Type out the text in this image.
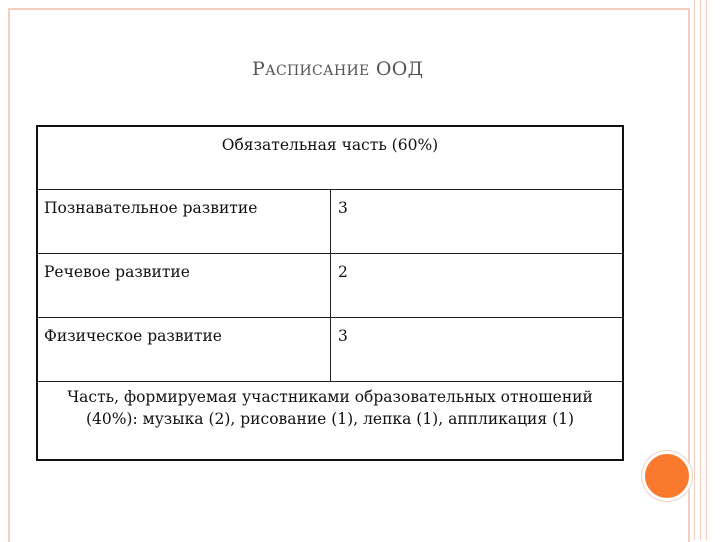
РАСПИСАНИЕ ООД
Обязательная часть (60%)
Познавательное развитие	3
Речевое развитие	2
Физическое развитие	3
Часть, формируемая участниками образовательных отношений (40%): музыка (2), рисование (1), лепка (1), аппликация (1)
